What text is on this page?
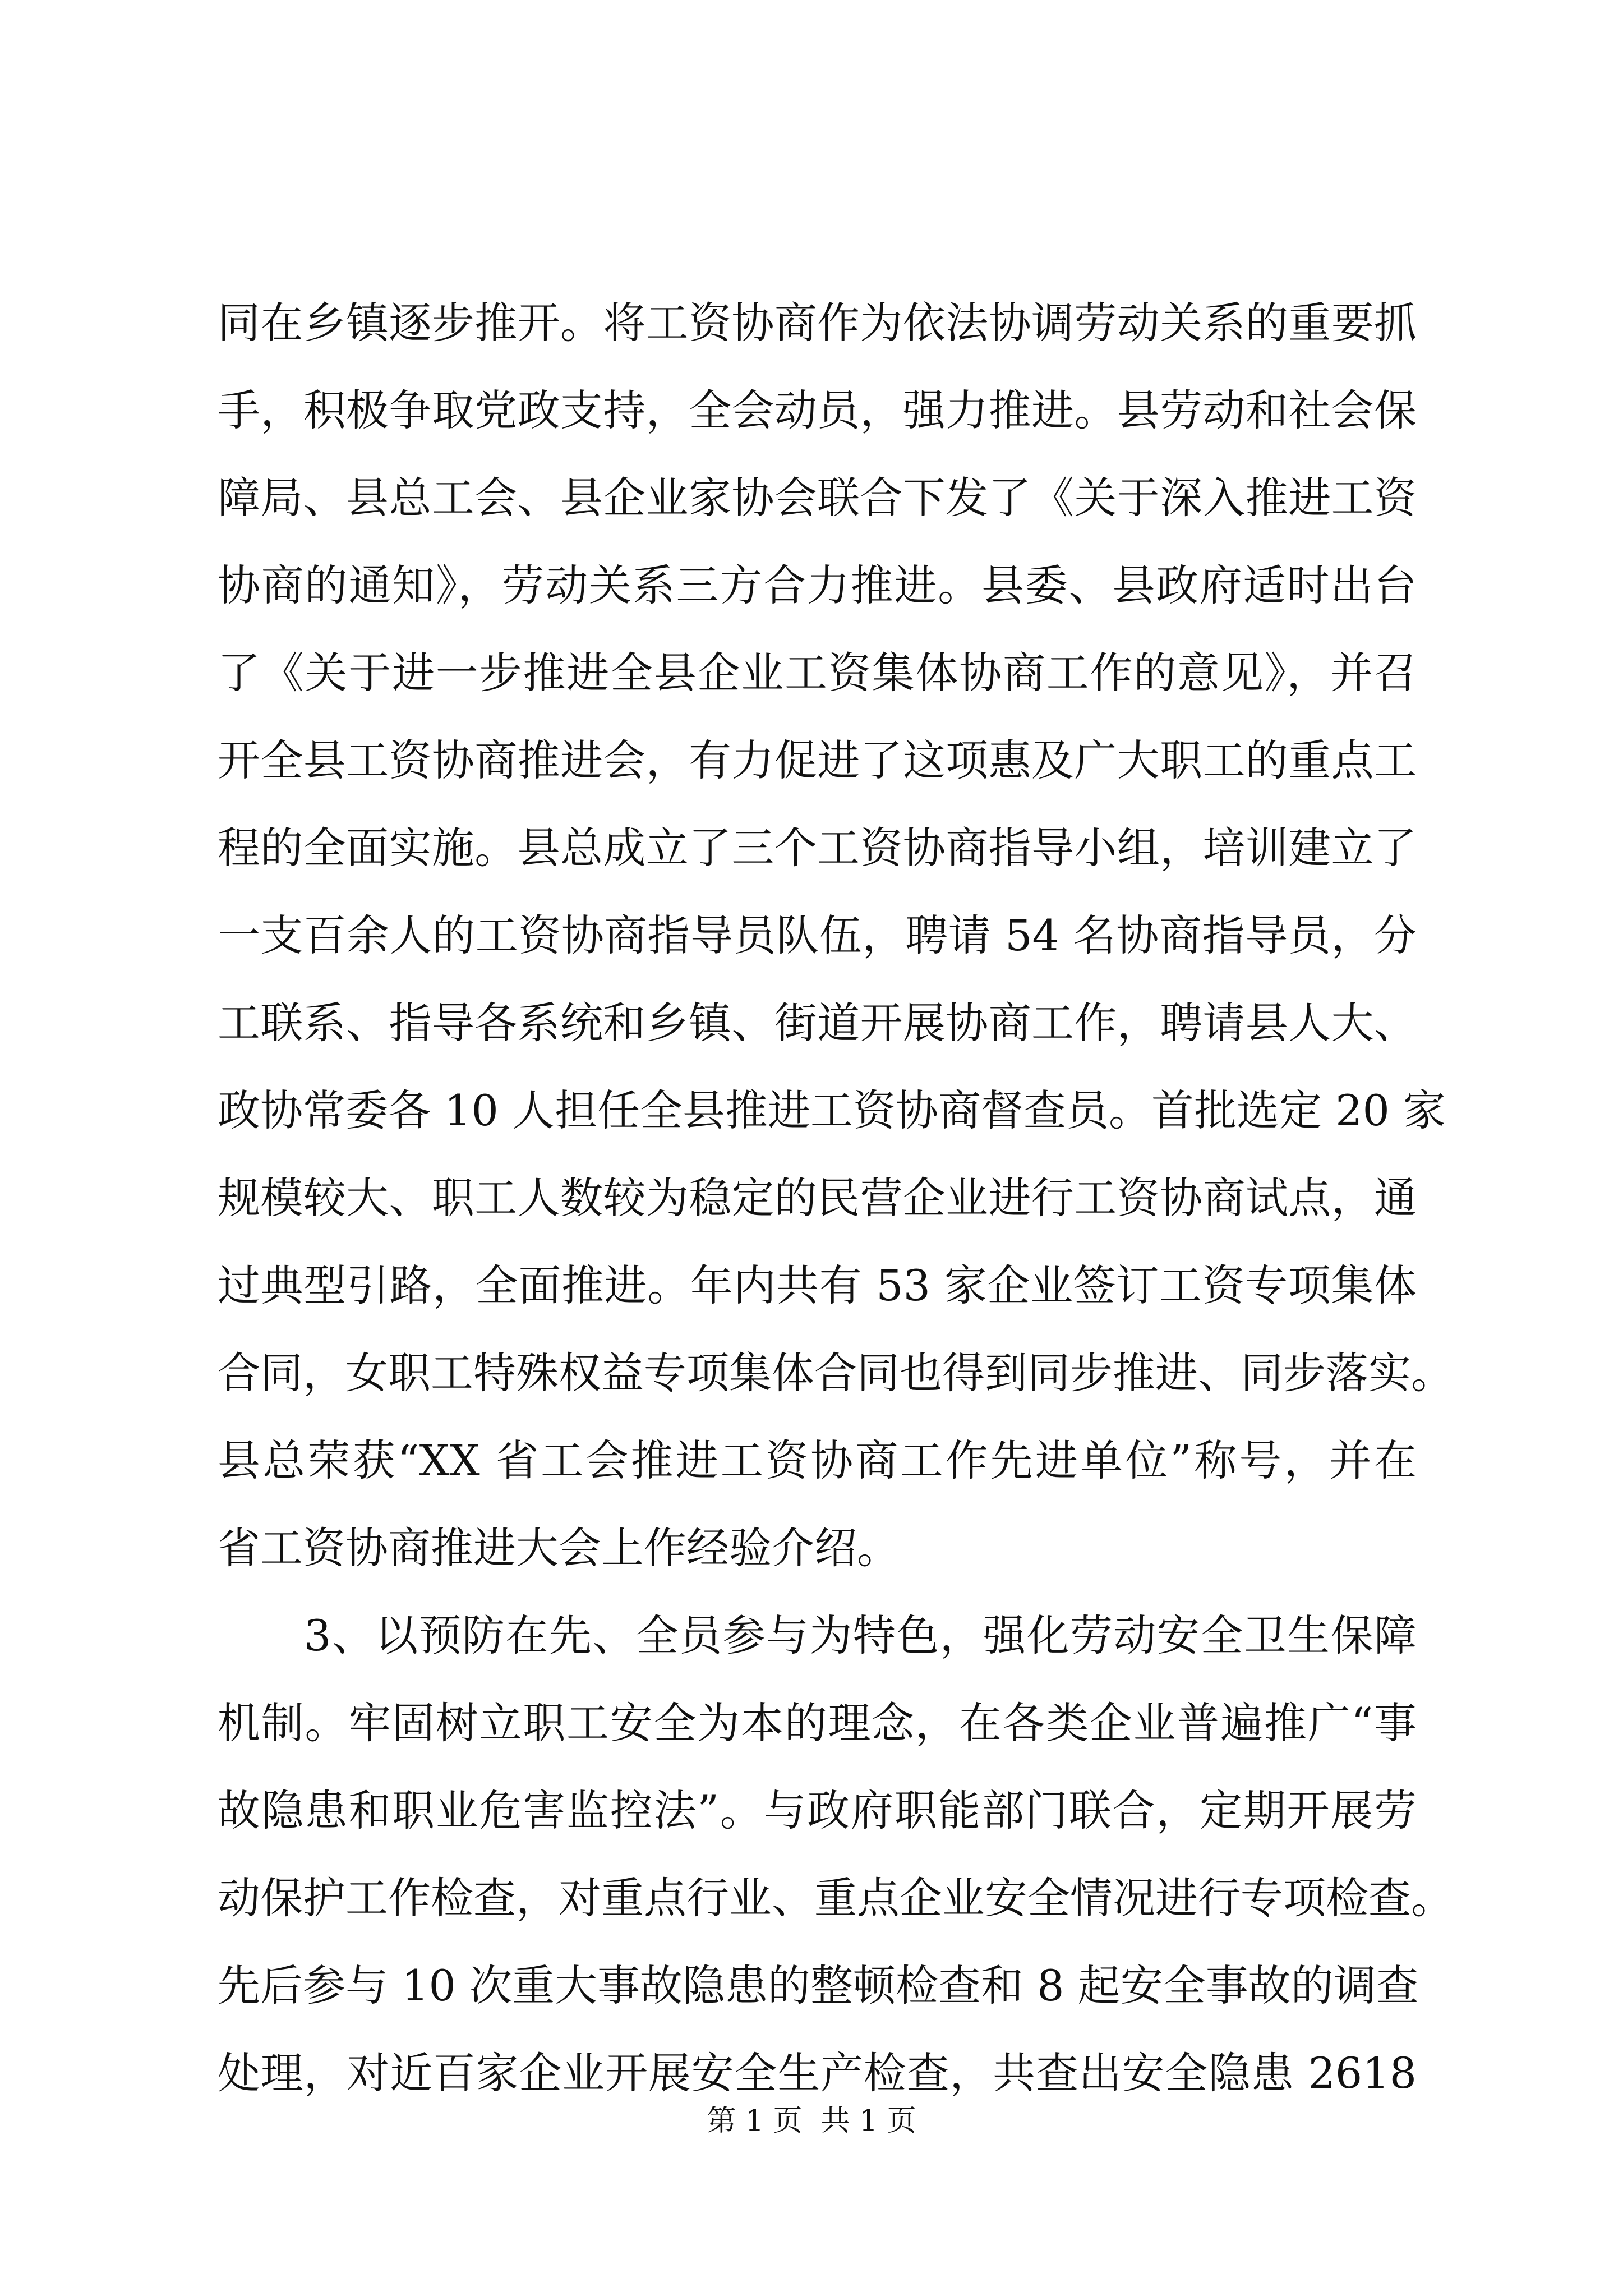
同在乡镇逐步推开。将工资协商作为依法协调劳动关系的重要抓
手，积极争取党政支持，全会动员，强力推进。县劳动和社会保
障局、县总工会、县企业家协会联合下发了《关于深入推进工资
协商的通知》，劳动关系三方合力推进。县委、县政府适时出台
了《关于进一步推进全县企业工资集体协商工作的意见》，并召
开全县工资协商推进会，有力促进了这项惠及广大职工的重点工
程的全面实施。县总成立了三个工资协商指导小组，培训建立了
一支百余人的工资协商指导员队伍，聘请 54 名协商指导员，分
工联系、指导各系统和乡镇、街道开展协商工作，聘请县人大、
政协常委各 10 人担任全县推进工资协商督查员。首批选定 20 家
规模较大、职工人数较为稳定的民营企业进行工资协商试点，通
过典型引路，全面推进。年内共有 53 家企业签订工资专项集体
合同，女职工特殊权益专项集体合同也得到同步推进、同步落实。
县总荣获“XX 省工会推进工资协商工作先进单位”称号，并在
省工资协商推进大会上作经验介绍。
3、以预防在先、全员参与为特色，强化劳动安全卫生保障
机制。牢固树立职工安全为本的理念，在各类企业普遍推广“事
故隐患和职业危害监控法”。与政府职能部门联合，定期开展劳
动保护工作检查，对重点行业、重点企业安全情况进行专项检查。
先后参与 10 次重大事故隐患的整顿检查和 8 起安全事故的调查
处理，对近百家企业开展安全生产检查，共查出安全隐患 2618
第 1 页  共 1 页
